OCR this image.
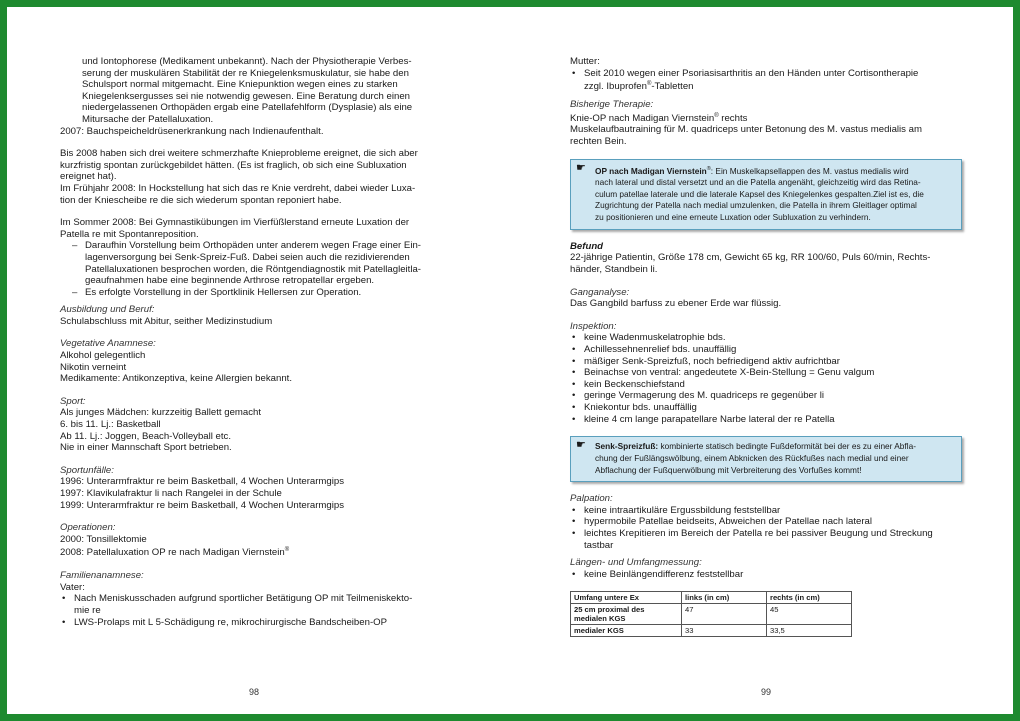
und Iontophorese (Medikament unbekannt). Nach der Physiotherapie Verbes-
serung der muskulären Stabilität der re Kniegelenksmuskulatur, sie habe den
Schulsport normal mitgemacht. Eine Kniepunktion wegen eines zu starken
Kniegelenksergusses sei nie notwendig gewesen. Eine Beratung durch einen
niedergelassenen Orthopäden ergab eine Patellafehlform (Dysplasie) als eine
Mitursache der Patellaluxation.
2007: Bauchspeicheldrüsenerkrankung nach Indienaufenthalt.
Bis 2008 haben sich drei weitere schmerzhafte Knieprobleme ereignet, die sich aber
kurzfristig spontan zurückgebildet hätten. (Es ist fraglich, ob sich eine Subluxation
ereignet hat).
Im Frühjahr 2008: In Hockstellung hat sich das re Knie verdreht, dabei wieder Luxa-
tion der Kniescheibe re die sich wiederum spontan reponiert habe.
Im Sommer 2008: Bei Gymnastikübungen im Vierfüßlerstand erneute Luxation der
Patella re mit Spontanreposition.
– Daraufhin Vorstellung beim Orthopäden unter anderem wegen Frage einer Ein-
lagenversorgung bei Senk-Spreiz-Fuß. Dabei seien auch die rezidivierenden
Patellaluxationen besprochen worden, die Röntgendiagnostik mit Patellagleitla-
geaufnahmen habe eine beginnende Arthrose retropatellar ergeben.
– Es erfolgte Vorstellung in der Sportklinik Hellersen zur Operation.
Ausbildung und Beruf:
Schulabschluss mit Abitur, seither Medizinstudium
Vegetative Anamnese:
Alkohol gelegentlich
Nikotin verneint
Medikamente: Antikonzeptiva, keine Allergien bekannt.
Sport:
Als junges Mädchen: kurzzeitig Ballett gemacht
6. bis 11. Lj.: Basketball
Ab 11. Lj.: Joggen, Beach-Volleyball etc.
Nie in einer Mannschaft Sport betrieben.
Sportunfälle:
1996: Unterarmfraktur re beim Basketball, 4 Wochen Unterarmgips
1997: Klavikulafraktur li nach Rangelei in der Schule
1999: Unterarmfraktur re beim Basketball, 4 Wochen Unterarmgips
Operationen:
2000: Tonsillektomie
2008: Patellaluxation OP re nach Madigan Viernstein®
Familienanamnese:
Vater:
• Nach Meniskusschaden aufgrund sportlicher Betätigung OP mit Teilmeniskekto-
mie re
• LWS-Prolaps mit L 5-Schädigung re, mikrochirurgische Bandscheiben-OP
98
Mutter:
• Seit 2010 wegen einer Psoriasisarthritis an den Händen unter Cortisontherapie
zzgl. Ibuprofen®-Tabletten
Bisherige Therapie:
Knie-OP nach Madigan Viernstein® rechts
Muskelaufbautraining für M. quadriceps unter Betonung des M. vastus medialis am
rechten Bein.
☛	OP nach Madigan Viernstein®: Ein Muskelkapsellappen des M. vastus medialis wird
nach lateral und distal versetzt und an die Patella angenäht, gleichzeitig wird das Retina-
culum patellae laterale und die laterale Kapsel des Kniegelenkes gespalten.Ziel ist es, die
Zugrichtung der Patella nach medial umzulenken, die Patella in ihrem Gleitlager optimal
zu positionieren und eine erneute Luxation oder Subluxation zu verhindern.
Befund
22-jährige Patientin, Größe 178 cm, Gewicht 65 kg, RR 100/60, Puls 60/min, Rechts-
händer, Standbein li.
Ganganalyse:
Das Gangbild barfuss zu ebener Erde war flüssig.
Inspektion:
• keine Wadenmuskelatrophie bds.
• Achillessehnenrelief bds. unauffällig
• mäßiger Senk-Spreizfuß, noch befriedigend aktiv aufrichtbar
• Beinachse von ventral: angedeutete X-Bein-Stellung = Genu valgum
• kein Beckenschiefstand
• geringe Vermagerung des M. quadriceps re gegenüber li
• Kniekontur bds. unauffällig
• kleine 4 cm lange parapatellare Narbe lateral der re Patella
☛	Senk-Spreizfuß: kombinierte statisch bedingte Fußdeformität bei der es zu einer Abfla-
chung der Fußlängswölbung, einem Abknicken des Rückfußes nach medial und einer
Abflachung der Fußquerwölbung mit Verbreiterung des Vorfußes kommt!
Palpation:
• keine intraartikuläre Ergussbildung feststellbar
• hypermobile Patellae beidseits, Abweichen der Patellae nach lateral
• leichtes Krepitieren im Bereich der Patella re bei passiver Beugung und Streckung
tastbar
Längen- und Umfangmessung:
• keine Beinlängendifferenz feststellbar
Umfang untere Ex	links (in cm)	rechts (in cm)
25 cm proximal des medialen KGS	47	45
medialer KGS	33	33,5
99
